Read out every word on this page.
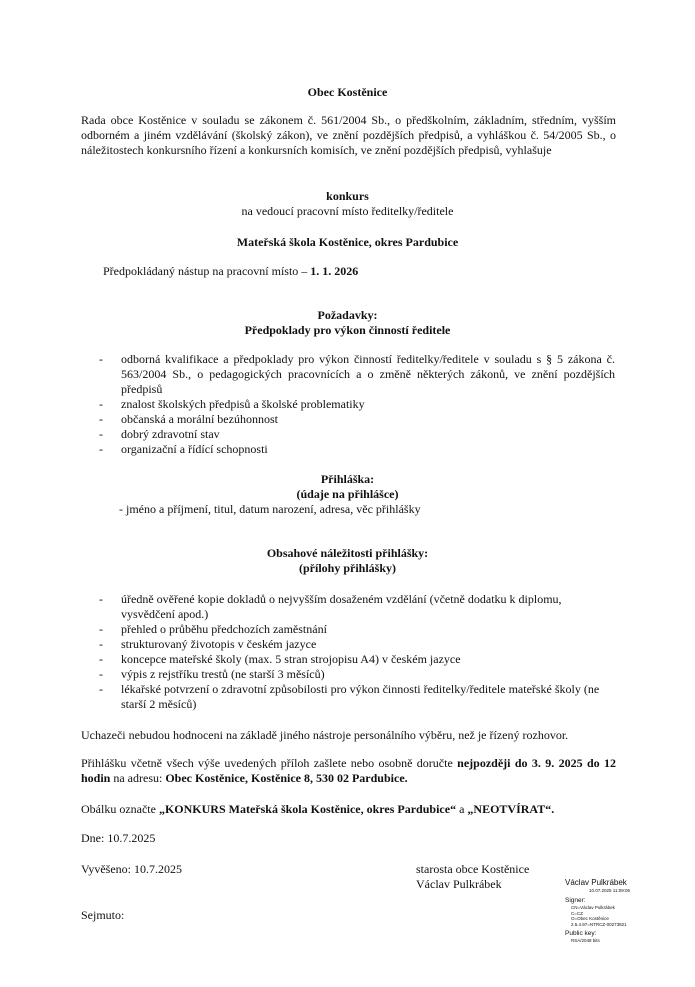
Obec Kostěnice
Rada obce Kostěnice v souladu se zákonem č. 561/2004 Sb., o předškolním, základním, středním, vyšším odborném a jiném vzdělávání (školský zákon), ve znění pozdějších předpisů, a vyhláškou č. 54/2005 Sb., o náležitostech konkursního řízení a konkursních komisích, ve znění pozdějších předpisů, vyhlašuje
konkurs
na vedoucí pracovní místo ředitelky/ředitele
Mateřská škola Kostěnice, okres Pardubice
Předpokládaný nástup na pracovní místo – 1. 1. 2026
Požadavky:
Předpoklady pro výkon činností ředitele
- odborná kvalifikace a předpoklady pro výkon činností ředitelky/ředitele v souladu s § 5 zákona č. 563/2004 Sb., o pedagogických pracovnících a o změně některých zákonů, ve znění pozdějších předpisů
- znalost školských předpisů a školské problematiky
- občanská a morální bezúhonnost
- dobrý zdravotní stav
- organizační a řídící schopnosti
Přihláška:
(údaje na přihlášce)
- jméno a příjmení, titul, datum narození, adresa, věc přihlášky
Obsahové náležitosti přihlášky:
(přílohy přihlášky)
- úředně ověřené kopie dokladů o nejvyšším dosaženém vzdělání (včetně dodatku k diplomu, vysvědčení apod.)
- přehled o průběhu předchozích zaměstnání
- strukturovaný životopis v českém jazyce
- koncepce mateřské školy (max. 5 stran strojopisu A4) v českém jazyce
- výpis z rejstříku trestů (ne starší 3 měsíců)
- lékařské potvrzení o zdravotní způsobilosti pro výkon činnosti ředitelky/ředitele mateřské školy (ne starší 2 měsíců)
Uchazeči nebudou hodnoceni na základě jiného nástroje personálního výběru, než je řízený rozhovor.
Přihlášku včetně všech výše uvedených příloh zašlete nebo osobně doručte nejpozději do 3. 9. 2025 do 12 hodin na adresu: Obec Kostěnice, Kostěnice 8, 530 02 Pardubice.
Obálku označte „KONKURS Mateřská škola Kostěnice, okres Pardubice“ a „NEOTVÍRAT“.
Dne: 10.7.2025
Vyvěšeno: 10.7.2025	starosta obce Kostěnice
Václav Pulkrábek
Sejmuto:
Václav Pulkrábek
10.07.2025 11:09:06
Signer:
CN=Václav Pulkrábek
C=CZ
O=Obec Kostěnice
2.5.4.97=NTRCZ-00273821
Public key:
RSA/2048 bits
